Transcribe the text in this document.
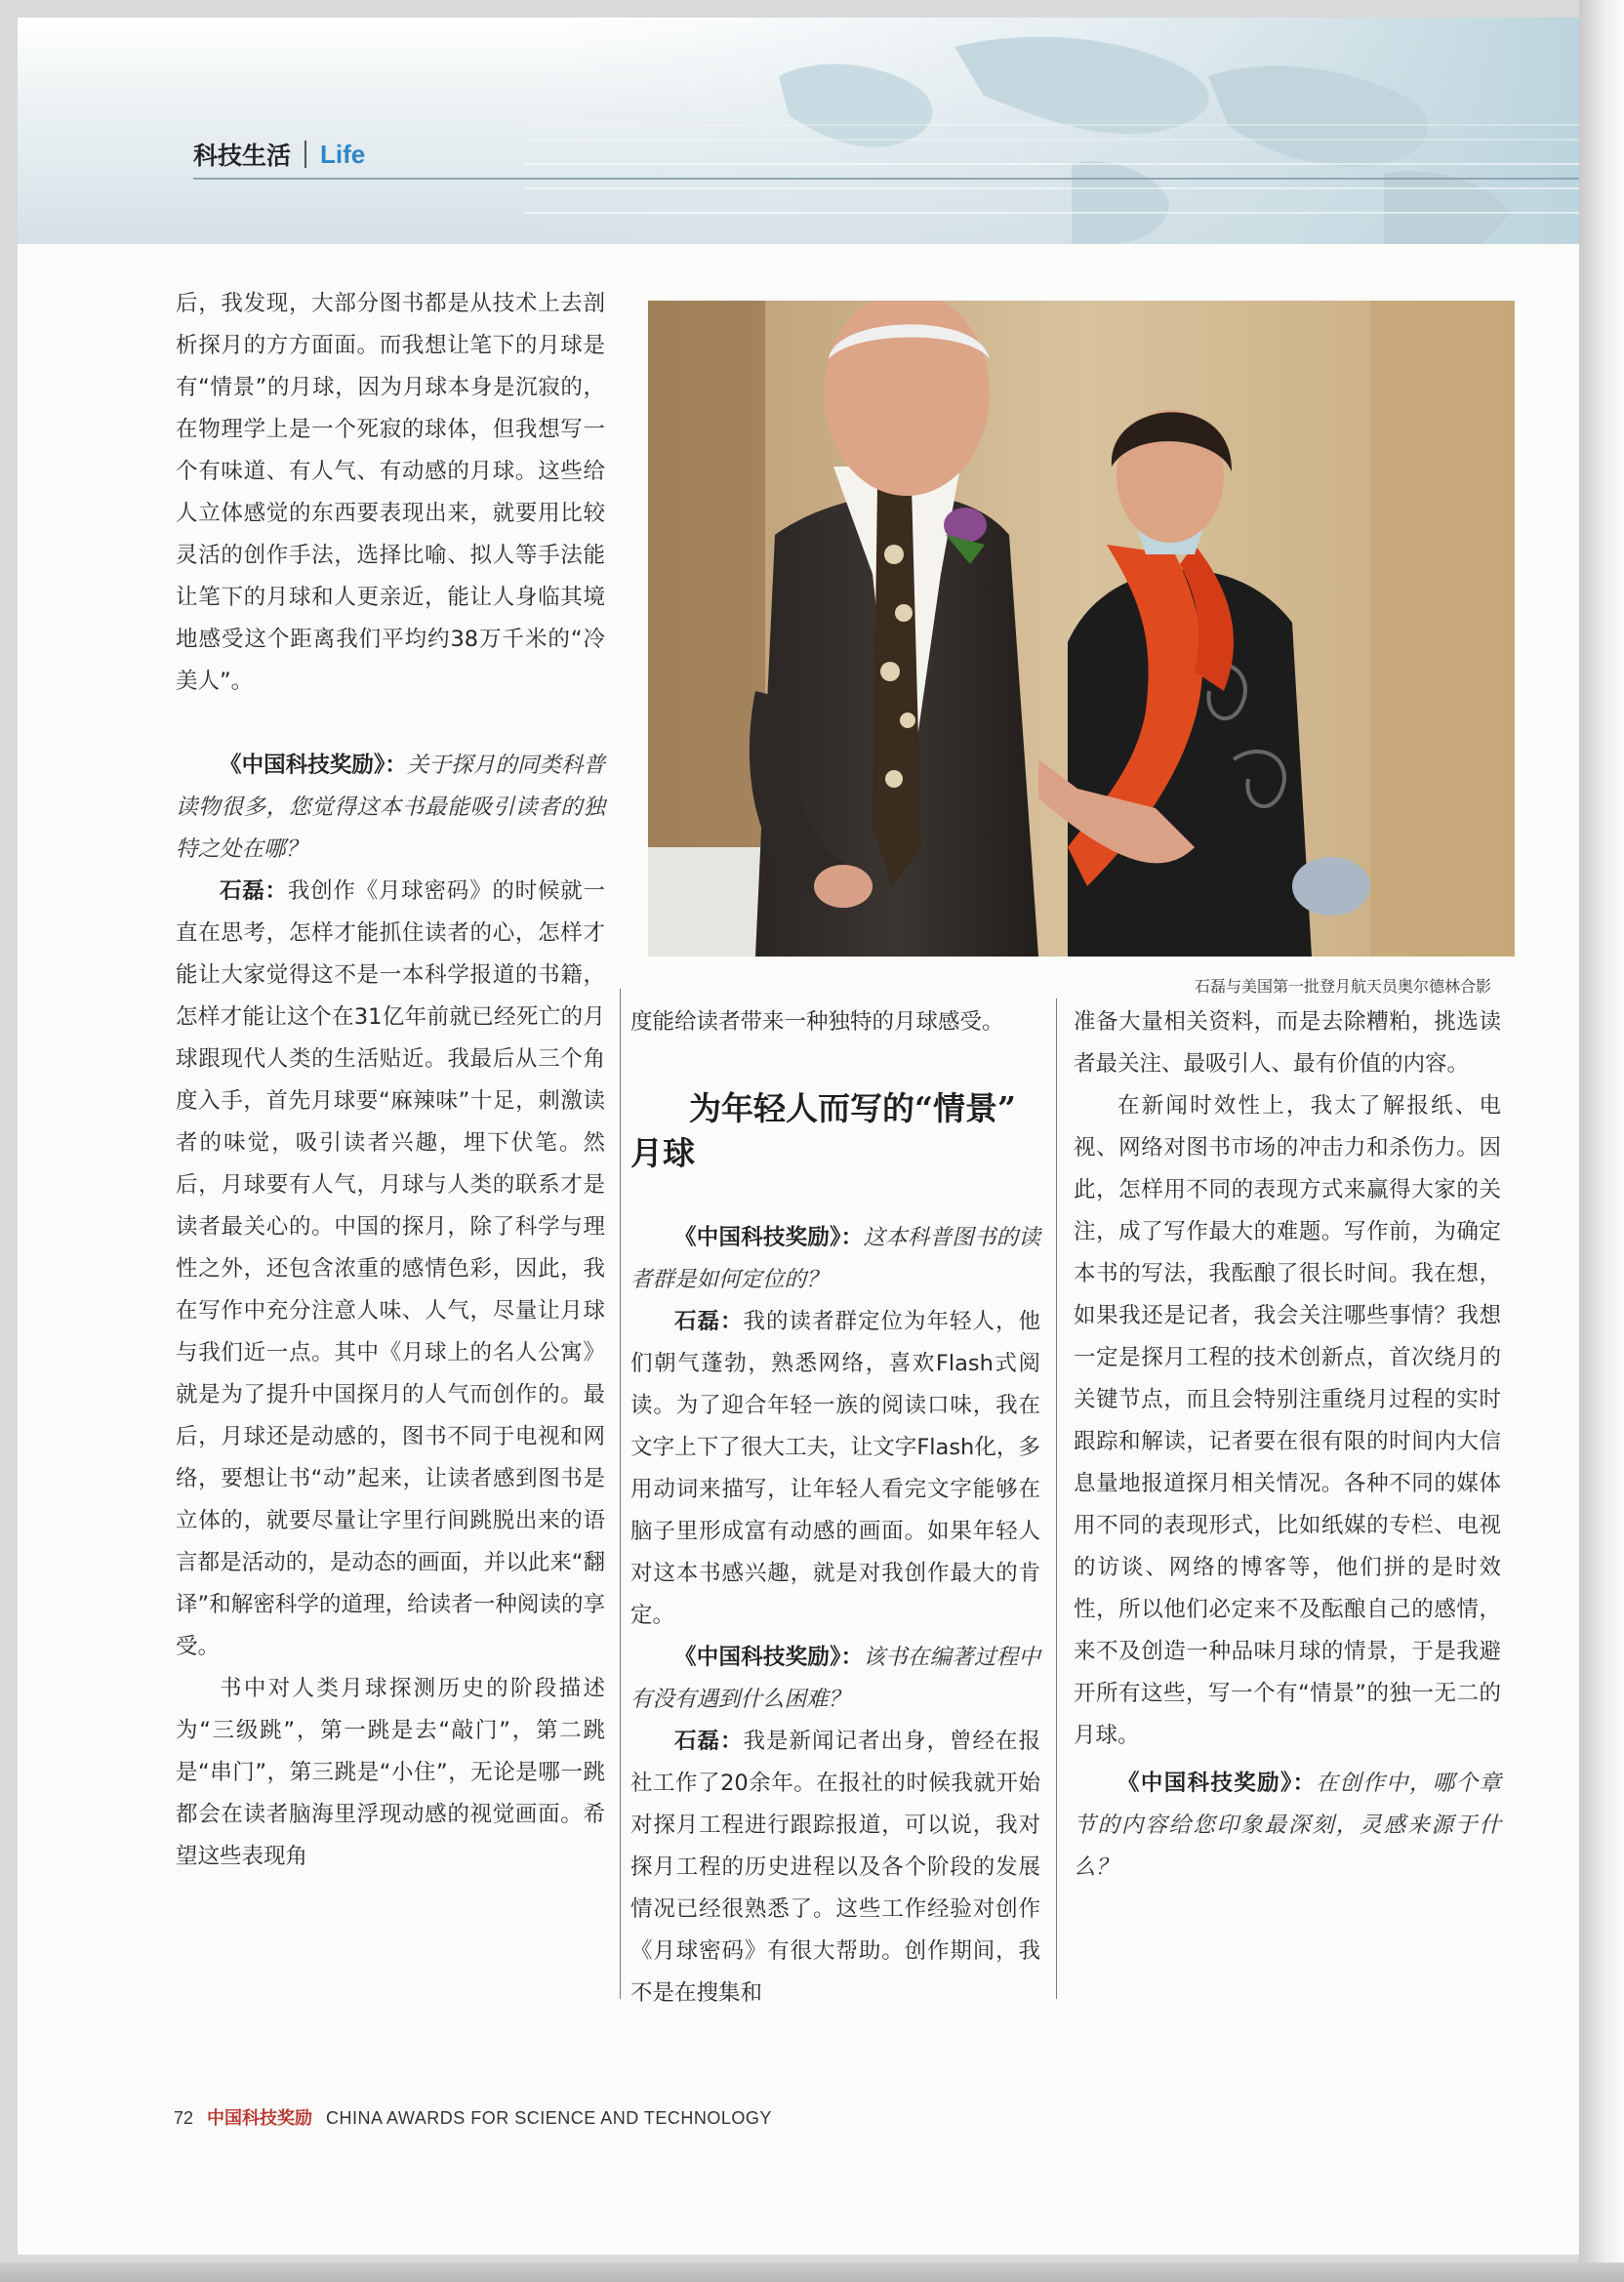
科技生活 Life

后，我发现，大部分图书都是从技术上去剖析探月的方方面面。而我想让笔下的月球是有“情景”的月球，因为月球本身是沉寂的，在物理学上是一个死寂的球体，但我想写一个有味道、有人气、有动感的月球。这些给人立体感觉的东西要表现出来，就要用比较灵活的创作手法，选择比喻、拟人等手法能让笔下的月球和人更亲近，能让人身临其境地感受这个距离我们平均约38万千米的“冷美人”。

《中国科技奖励》：关于探月的同类科普读物很多，您觉得这本书最能吸引读者的独特之处在哪？

石磊：我创作《月球密码》的时候就一直在思考，怎样才能抓住读者的心，怎样才能让大家觉得这不是一本科学报道的书籍，怎样才能让这个在31亿年前就已经死亡的月球跟现代人类的生活贴近。我最后从三个角度入手，首先月球要“麻辣味”十足，刺激读者的味觉，吸引读者兴趣，埋下伏笔。然后，月球要有人气，月球与人类的联系才是读者最关心的。中国的探月，除了科学与理性之外，还包含浓重的感情色彩，因此，我在写作中充分注意人味、人气，尽量让月球与我们近一点。其中《月球上的名人公寓》就是为了提升中国探月的人气而创作的。最后，月球还是动感的，图书不同于电视和网络，要想让书“动”起来，让读者感到图书是立体的，就要尽量让字里行间跳脱出来的语言都是活动的，是动态的画面，并以此来“翻译”和解密科学的道理，给读者一种阅读的享受。

书中对人类月球探测历史的阶段描述为“三级跳”，第一跳是去“敲门”，第二跳是“串门”，第三跳是“小住”，无论是哪一跳都会在读者脑海里浮现动感的视觉画面。希望这些表现角

石磊与美国第一批登月航天员奥尔德林合影

度能给读者带来一种独特的月球感受。

为年轻人而写的“情景”
月球

《中国科技奖励》：这本科普图书的读者群是如何定位的？

石磊：我的读者群定位为年轻人，他们朝气蓬勃，熟悉网络，喜欢Flash式阅读。为了迎合年轻一族的阅读口味，我在文字上下了很大工夫，让文字Flash化，多用动词来描写，让年轻人看完文字能够在脑子里形成富有动感的画面。如果年轻人对这本书感兴趣，就是对我创作最大的肯定。

《中国科技奖励》：该书在编著过程中有没有遇到什么困难？

石磊：我是新闻记者出身，曾经在报社工作了20余年。在报社的时候我就开始对探月工程进行跟踪报道，可以说，我对探月工程的历史进程以及各个阶段的发展情况已经很熟悉了。这些工作经验对创作《月球密码》有很大帮助。创作期间，我不是在搜集和

准备大量相关资料，而是去除糟粕，挑选读者最关注、最吸引人、最有价值的内容。

在新闻时效性上，我太了解报纸、电视、网络对图书市场的冲击力和杀伤力。因此，怎样用不同的表现方式来赢得大家的关注，成了写作最大的难题。写作前，为确定本书的写法，我酝酿了很长时间。我在想，如果我还是记者，我会关注哪些事情？我想一定是探月工程的技术创新点，首次绕月的关键节点，而且会特别注重绕月过程的实时跟踪和解读，记者要在很有限的时间内大信息量地报道探月相关情况。各种不同的媒体用不同的表现形式，比如纸媒的专栏、电视的访谈、网络的博客等，他们拼的是时效性，所以他们必定来不及酝酿自己的感情，来不及创造一种品味月球的情景，于是我避开所有这些，写一个有“情景”的独一无二的月球。

《中国科技奖励》：在创作中，哪个章节的内容给您印象最深刻，灵感来源于什么？

72 中国科技奖励 CHINA AWARDS FOR SCIENCE AND TECHNOLOGY
